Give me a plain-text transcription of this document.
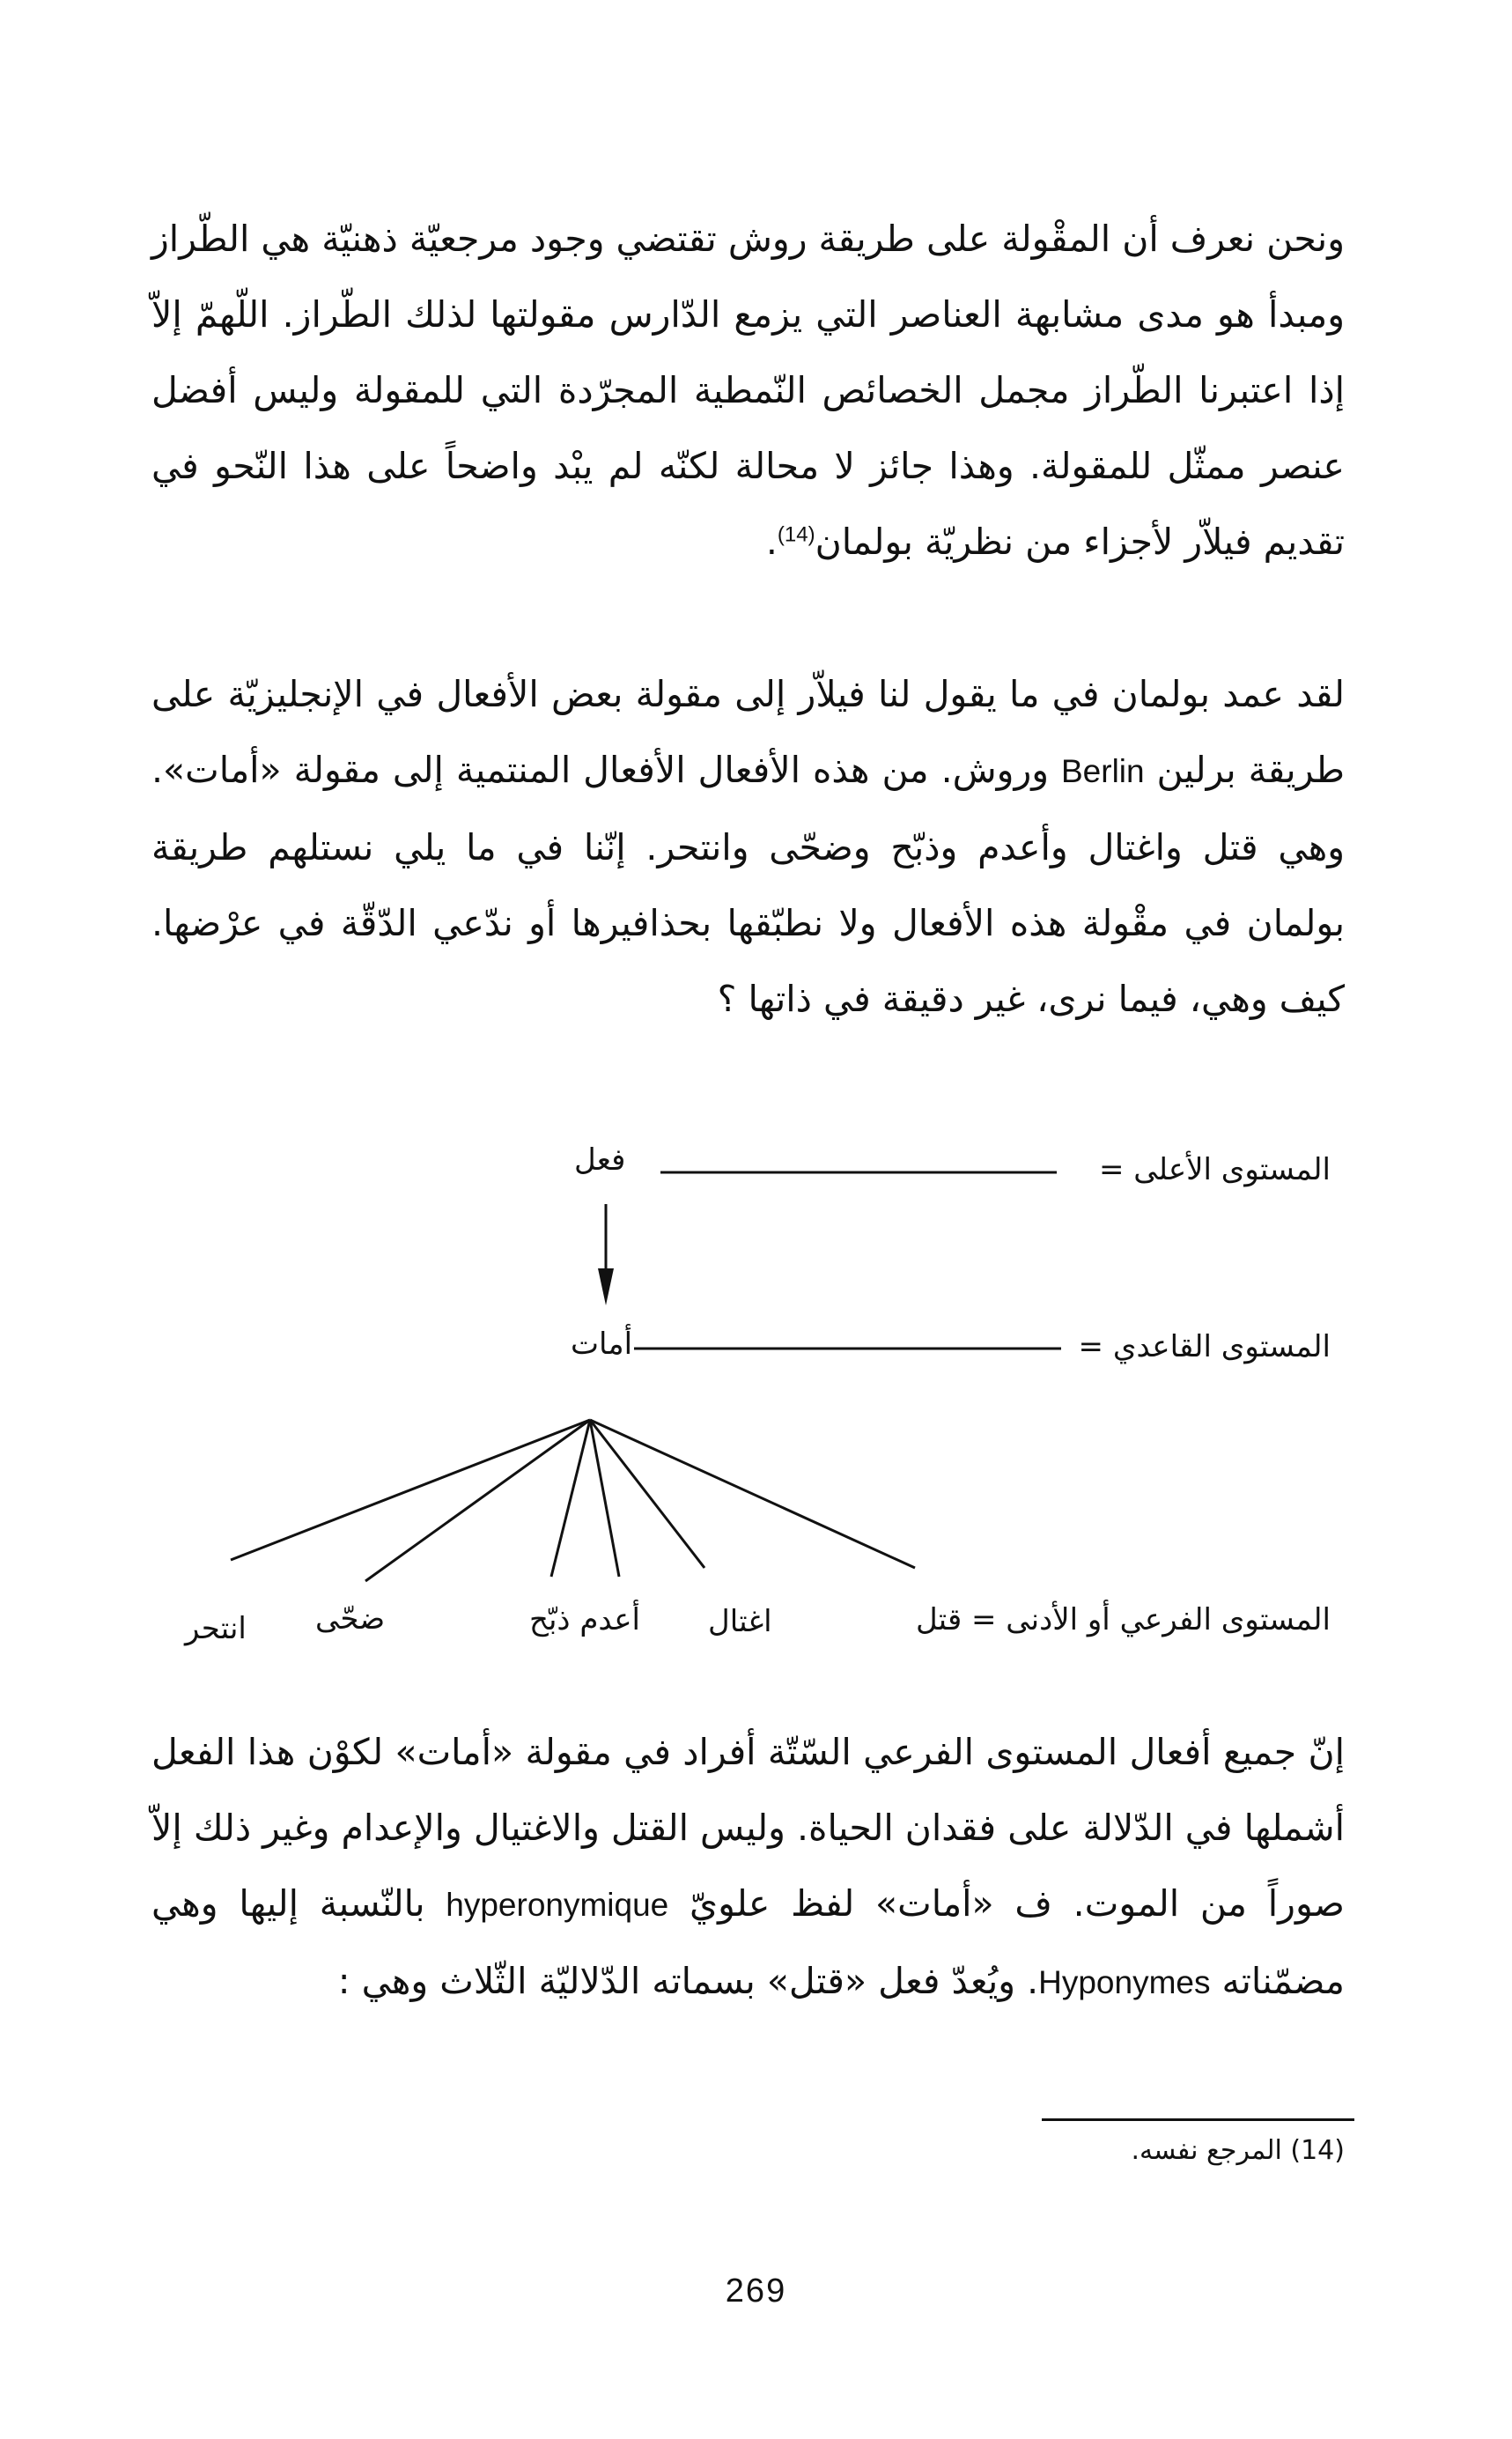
ونحن نعرف أن المقْولة على طريقة روش تقتضي وجود مرجعيّة ذهنيّة هي الطّراز ومبدأ هو مدى مشابهة العناصر التي يزمع الدّارس مقولتها لذلك الطّراز. اللّهمّ إلاّ إذا اعتبرنا الطّراز مجمل الخصائص النّمطية المجرّدة التي للمقولة وليس أفضل عنصر ممثّل للمقولة. وهذا جائز لا محالة لكنّه لم يبْد واضحاً على هذا النّحو في تقديم فيلاّر لأجزاء من نظريّة بولمان$^{(14)}$.

لقد عمد بولمان في ما يقول لنا فيلاّر إلى مقولة بعض الأفعال في الإنجليزيّة على طريقة برلين Berlin وروش. من هذه الأفعال الأفعال المنتمية إلى مقولة «أمات». وهي قتل واغتال وأعدم وذبّح وضحّى وانتحر. إنّنا في ما يلي نستلهم طريقة بولمان في مقْولة هذه الأفعال ولا نطبّقها بحذافيرها أو ندّعي الدّقّة في عرْضها. كيف وهي، فيما نرى، غير دقيقة في ذاتها ؟

المستوى الأعلى =
فعل
المستوى القاعدي =
أمات
المستوى الفرعي أو الأدنى = قتل
اغتال
أعدم ذبّح
ضحّى
انتحر

إنّ جميع أفعال المستوى الفرعي السّتّة أفراد في مقولة «أمات» لكوْن هذا الفعل أشملها في الدّلالة على فقدان الحياة. وليس القتل والاغتيال والإعدام وغير ذلك إلاّ صوراً من الموت. ف «أمات» لفظ علويّ hyperonymique بالنّسبة إليها وهي مضمّناته Hyponymes. ويُعدّ فعل «قتل» بسماته الدّلاليّة الثّلاث وهي :

(14) المرجع نفسه.
269
